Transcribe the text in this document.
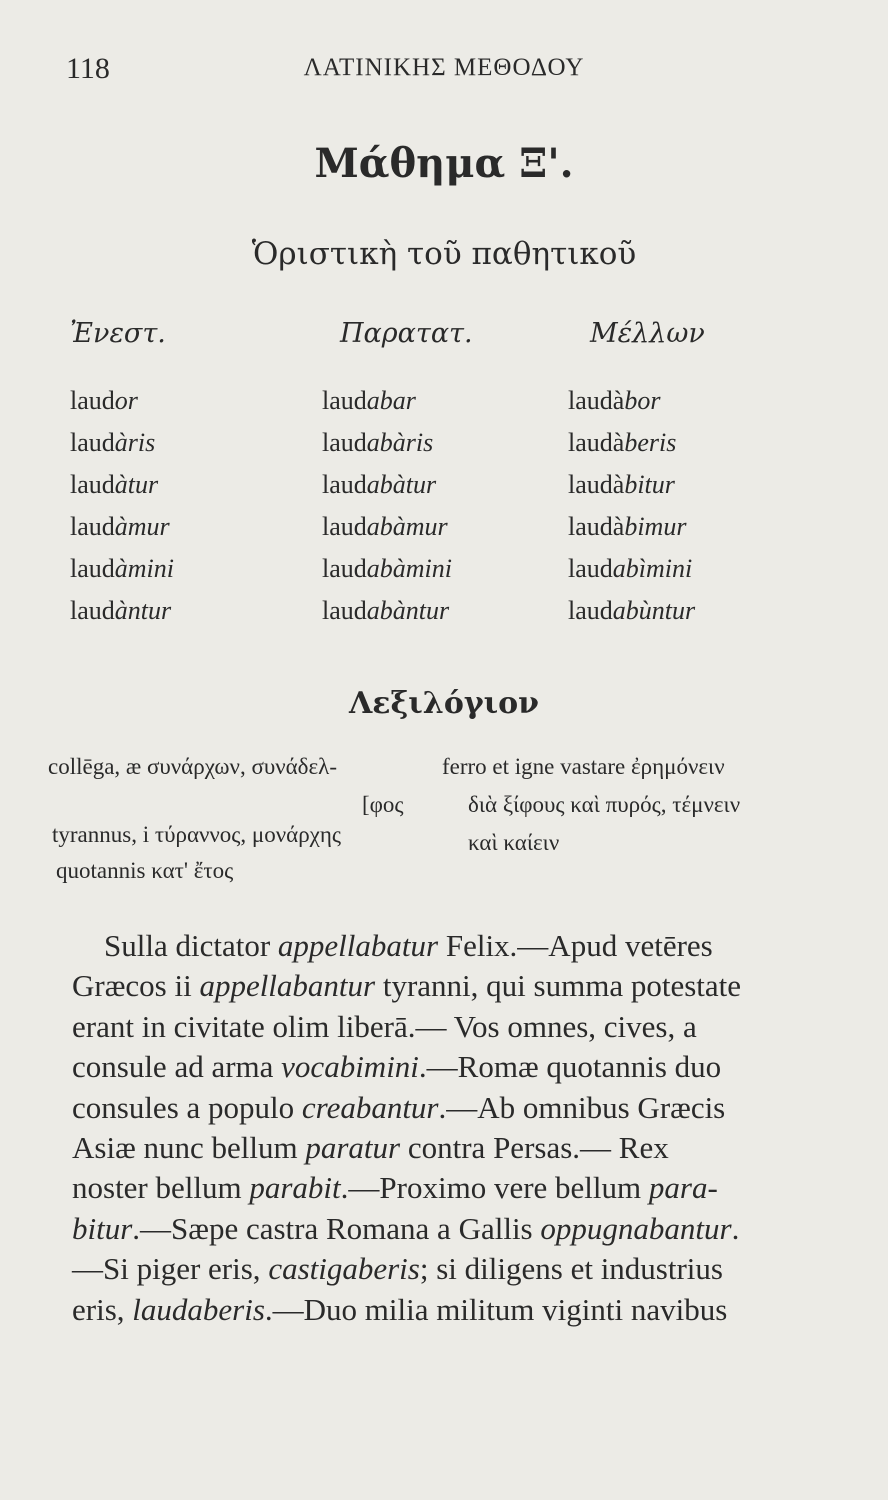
118	ΛΑΤΙΝΙΚΗΣ ΜΕΘΟΔΟΥ
Μάθημα Ξ'.
Ὁριστικὴ τοῦ παθητικοῦ
Ἐνεστ.
laudor
laudàris
laudàtur
laudàmur
laudàmini
laudàntur
Παρατατ.
laudabar
laudabàris
laudabàtur
laudabàmur
laudabàmini
laudabàntur
Μέλλων
laudàbor
laudàberis
laudàbitur
laudàbimur
laudabìmini
laudabùntur
Λεξιλόγιον
collēga, æ συνάρχων, συνάδελ-
[φος
tyrannus, i τύραννος, μονάρχης
quotannis κατ' ἔτος
ferro et igne vastare ἐρημόνειν
διὰ ξίφους καὶ πυρός, τέμνειν
καὶ καίειν
Sulla dictator appellabatur Felix.—Apud vetēres
Græcos ii appellabantur tyranni, qui summa potestate
erant in civitate olim liberā.— Vos omnes, cives, a
consule ad arma vocabimini.—Romæ quotannis duo
consules a populo creabantur.—Ab omnibus Græcis
Asiæ nunc bellum paratur contra Persas.— Rex
noster bellum parabit.—Proximo vere bellum para-
bitur.—Sæpe castra Romana a Gallis oppugnabantur.
—Si piger eris, castigaberis; si diligens et industrius
eris, laudaberis.—Duo milia militum viginti navibus
